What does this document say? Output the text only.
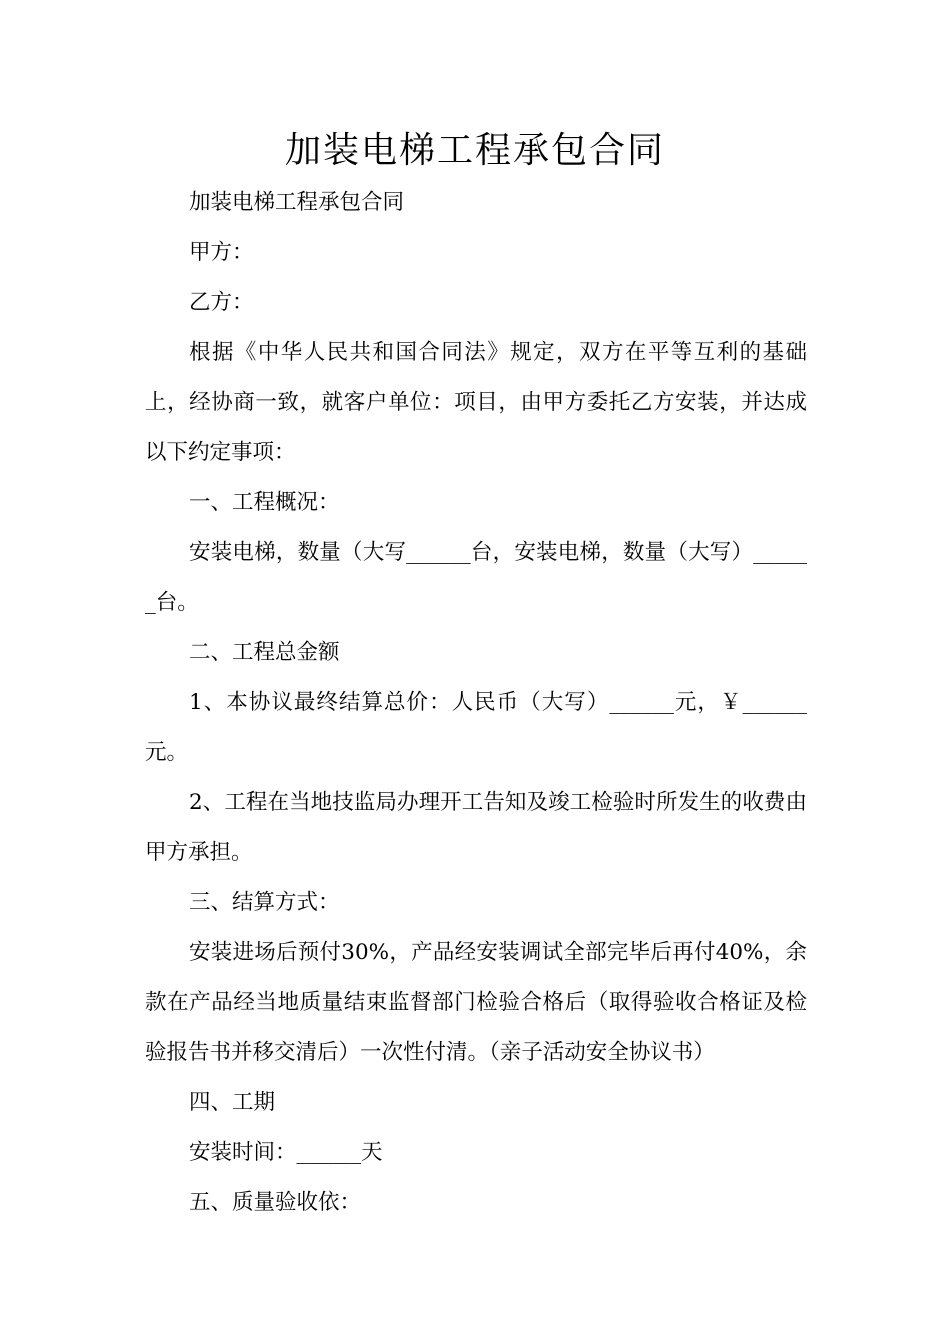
加装电梯工程承包合同

加装电梯工程承包合同

甲方：

乙方：

根据《中华人民共和国合同法》规定，双方在平等互利的基础上，经协商一致，就客户单位：项目，由甲方委托乙方安装，并达成以下约定事项：

一、工程概况：

安装电梯，数量（大写______台，安装电梯，数量（大写）______台。

二、工程总金额

1、本协议最终结算总价：人民币（大写）______元，￥______元。

2、工程在当地技监局办理开工告知及竣工检验时所发生的收费由甲方承担。

三、结算方式：

安装进场后预付30%，产品经安装调试全部完毕后再付40%，余款在产品经当地质量结束监督部门检验合格后（取得验收合格证及检验报告书并移交清后）一次性付清。（亲子活动安全协议书）

四、工期

安装时间：______天

五、质量验收依：
